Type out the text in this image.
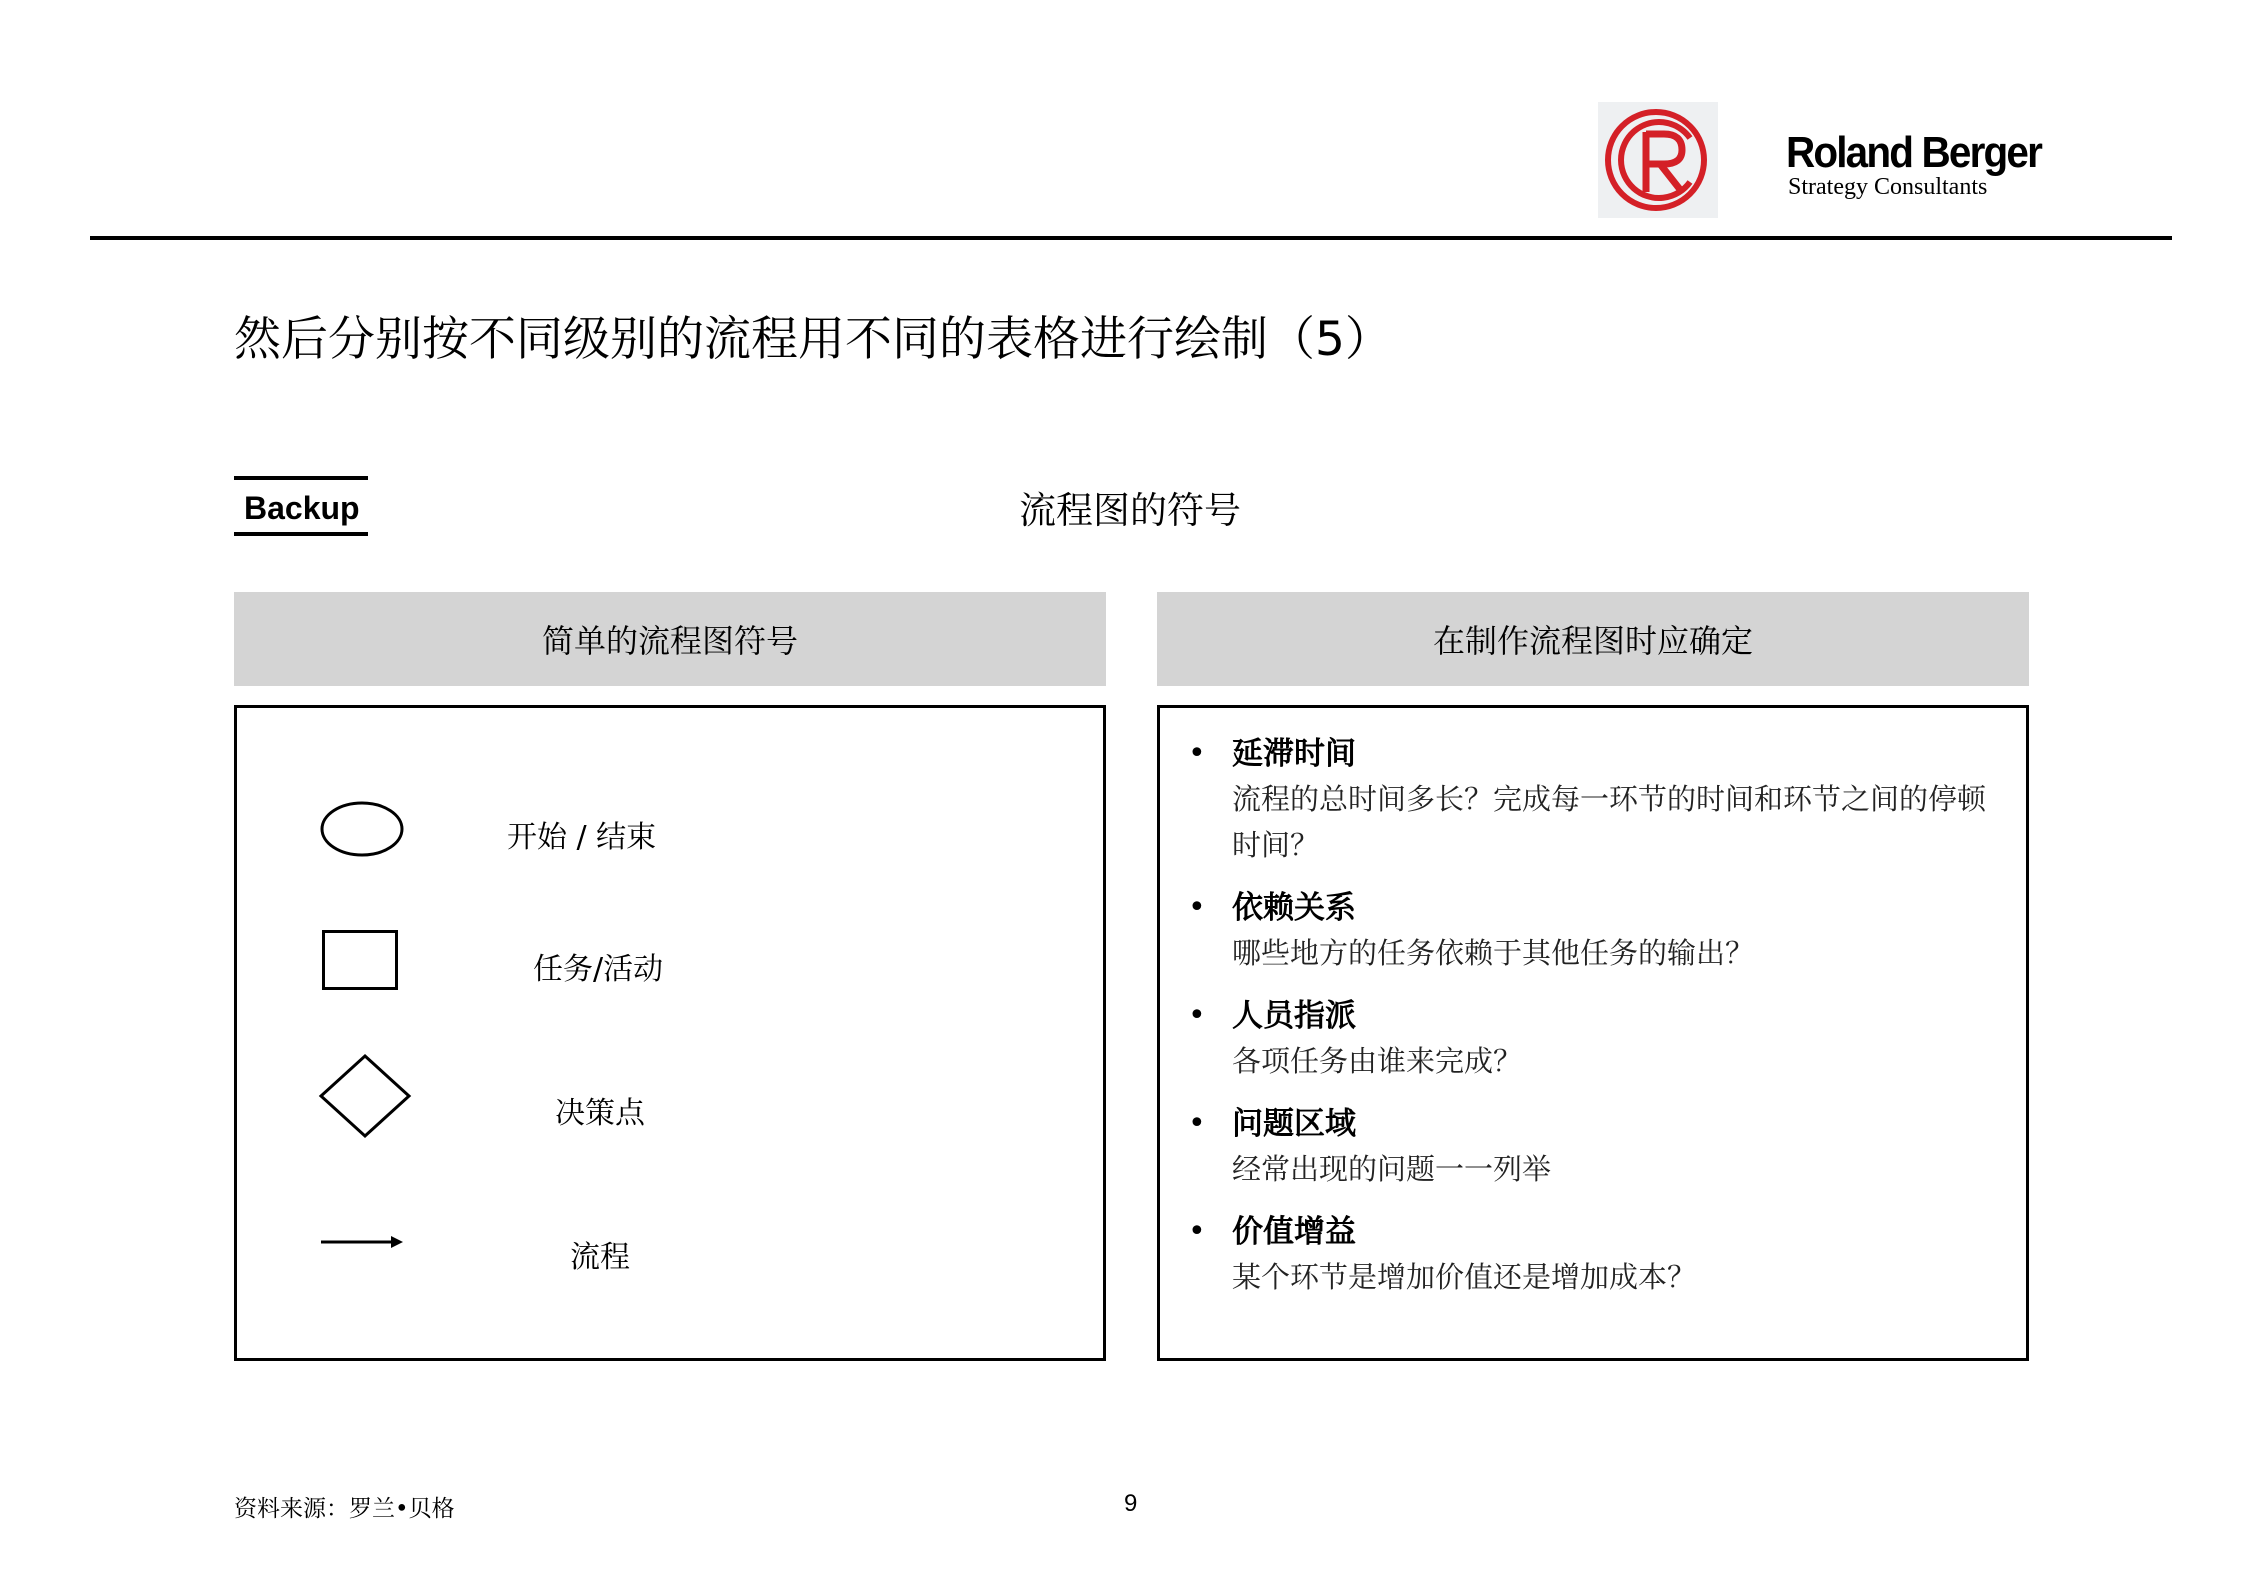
Roland Berger
Strategy Consultants
然后分别按不同级别的流程用不同的表格进行绘制（5）
Backup	流程图的符号
简单的流程图符号
开始 / 结束
任务/活动
决策点
流程
在制作流程图时应确定
• 延滞时间
流程的总时间多长？完成每一环节的时间和环节之间的停顿时间？
• 依赖关系
哪些地方的任务依赖于其他任务的输出？
• 人员指派
各项任务由谁来完成？
• 问题区域
经常出现的问题一一列举
• 价值增益
某个环节是增加价值还是增加成本？
资料来源：罗兰•贝格	9
